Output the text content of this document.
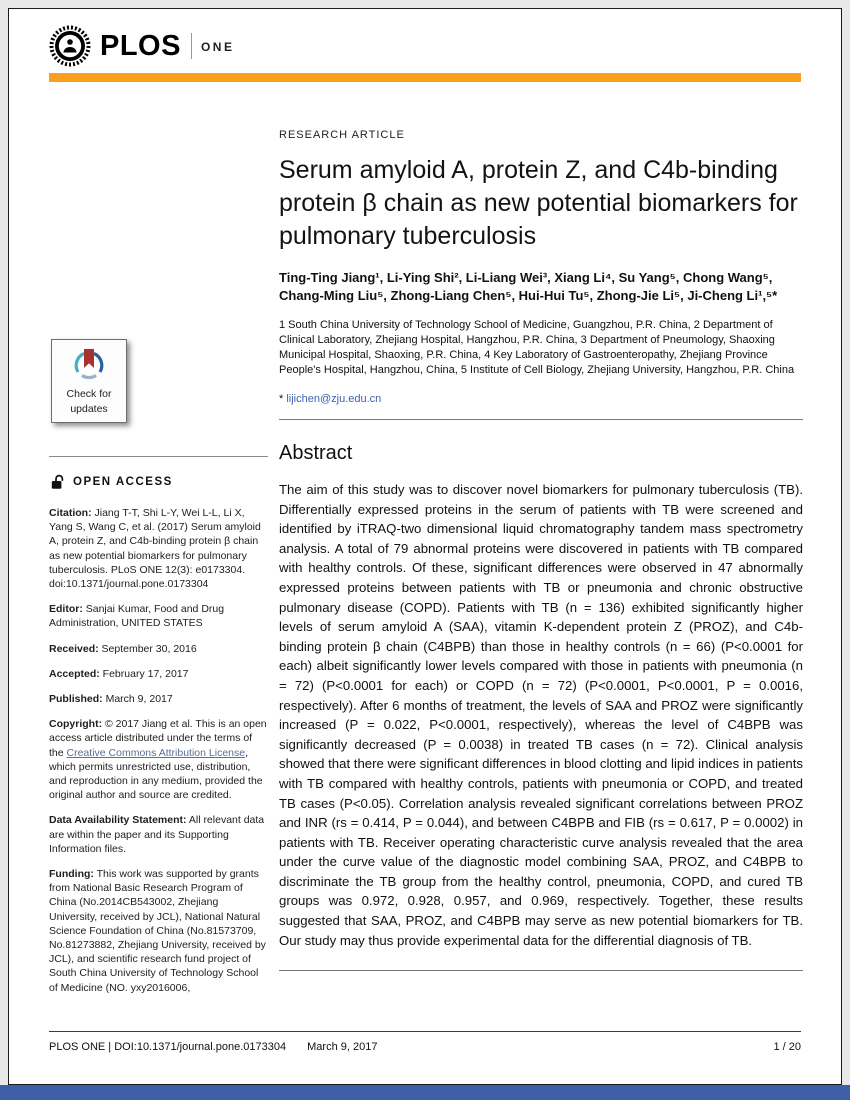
PLOS ONE
Check for
updates
OPEN ACCESS

Citation: Jiang T-T, Shi L-Y, Wei L-L, Li X, Yang S, Wang C, et al. (2017) Serum amyloid A, protein Z, and C4b-binding protein β chain as new potential biomarkers for pulmonary tuberculosis. PLoS ONE 12(3): e0173304. doi:10.1371/journal.pone.0173304

Editor: Sanjai Kumar, Food and Drug Administration, UNITED STATES

Received: September 30, 2016

Accepted: February 17, 2017

Published: March 9, 2017

Copyright: © 2017 Jiang et al. This is an open access article distributed under the terms of the Creative Commons Attribution License, which permits unrestricted use, distribution, and reproduction in any medium, provided the original author and source are credited.

Data Availability Statement: All relevant data are within the paper and its Supporting Information files.

Funding: This work was supported by grants from National Basic Research Program of China (No.2014CB543002, Zhejiang University, received by JCL), National Natural Science Foundation of China (No.81573709, No.81273882, Zhejiang University, received by JCL), and scientific research fund project of South China University of Technology School of Medicine (NO. yxy2016006,

RESEARCH ARTICLE
Serum amyloid A, protein Z, and C4b-binding protein β chain as new potential biomarkers for pulmonary tuberculosis

Ting-Ting Jiang¹, Li-Ying Shi², Li-Liang Wei³, Xiang Li⁴, Su Yang⁵, Chong Wang⁵, Chang-Ming Liu⁵, Zhong-Liang Chen⁵, Hui-Hui Tu⁵, Zhong-Jie Li⁵, Ji-Cheng Li¹,⁵*

1 South China University of Technology School of Medicine, Guangzhou, P.R. China, 2 Department of Clinical Laboratory, Zhejiang Hospital, Hangzhou, P.R. China, 3 Department of Pneumology, Shaoxing Municipal Hospital, Shaoxing, P.R. China, 4 Key Laboratory of Gastroenteropathy, Zhejiang Province People's Hospital, Hangzhou, China, 5 Institute of Cell Biology, Zhejiang University, Hangzhou, P.R. China

* lijichen@zju.edu.cn

Abstract

The aim of this study was to discover novel biomarkers for pulmonary tuberculosis (TB). Differentially expressed proteins in the serum of patients with TB were screened and identified by iTRAQ-two dimensional liquid chromatography tandem mass spectrometry analysis. A total of 79 abnormal proteins were discovered in patients with TB compared with healthy controls. Of these, significant differences were observed in 47 abnormally expressed proteins between patients with TB or pneumonia and chronic obstructive pulmonary disease (COPD). Patients with TB (n = 136) exhibited significantly higher levels of serum amyloid A (SAA), vitamin K-dependent protein Z (PROZ), and C4b-binding protein β chain (C4BPB) than those in healthy controls (n = 66) (P<0.0001 for each) albeit significantly lower levels compared with those in patients with pneumonia (n = 72) (P<0.0001 for each) or COPD (n = 72) (P<0.0001, P<0.0001, P = 0.0016, respectively). After 6 months of treatment, the levels of SAA and PROZ were significantly increased (P = 0.022, P<0.0001, respectively), whereas the level of C4BPB was significantly decreased (P = 0.0038) in treated TB cases (n = 72). Clinical analysis showed that there were significant differences in blood clotting and lipid indices in patients with TB compared with healthy controls, patients with pneumonia or COPD, and treated TB cases (P<0.05). Correlation analysis revealed significant correlations between PROZ and INR (rs = 0.414, P = 0.044), and between C4BPB and FIB (rs = 0.617, P = 0.0002) in patients with TB. Receiver operating characteristic curve analysis revealed that the area under the curve value of the diagnostic model combining SAA, PROZ, and C4BPB to discriminate the TB group from the healthy control, pneumonia, COPD, and cured TB groups was 0.972, 0.928, 0.957, and 0.969, respectively. Together, these results suggested that SAA, PROZ, and C4BPB may serve as new potential biomarkers for TB. Our study may thus provide experimental data for the differential diagnosis of TB.

PLOS ONE | DOI:10.1371/journal.pone.0173304 March 9, 2017	1 / 20
